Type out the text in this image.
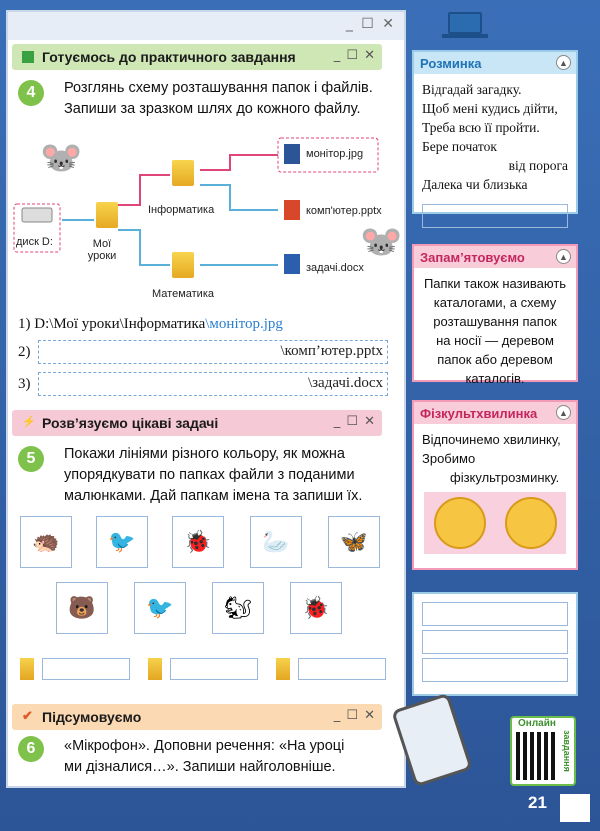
_ ☐ ✕
Готуємось до практичного завдання	_ ☐ ✕
4	Розглянь схему розташування папок і файлів.
Запиши за зразком шлях до кожного файлу.
🐭
🐭
диск D:	Мої
уроки
Інформатика
Математика
монітор.jpg
комп'ютер.pptx
задачі.docx
1) D:\Мої уроки\Інформатика\монітор.jpg
2)	\комп’ютер.pptx
3)	\задачі.docx
⚡ Розв’язуємо цікаві задачі	_ ☐ ✕
5	Покажи лініями різного кольору, як можна
упорядкувати по папках файли з поданими
малюнками. Дай папкам імена та запиши їх.
🦔	🐦	🐞	🦢	🦋
🐻	🐦	🐿	🐞
✔ Підсумовуємо	_ ☐ ✕
6	«Мікрофон». Доповни речення: «На уроці
ми дізналися…». Запиши найголовніше.
Розминка	▲
Відгадай загадку.
Щоб мені кудись дійти,
Треба всю її пройти.
Бере початок
від порога
Далека чи близька
Запам’ятовуємо	▲
Папки також називають
каталогами, а схему
розташування папок
на носії — деревом
папок або деревом
каталогів.
Фізкультхвилинка	▲
Відпочинемо хвилинку,
Зробимо
фізкультрозминку.
Онлайн
завдання
21
